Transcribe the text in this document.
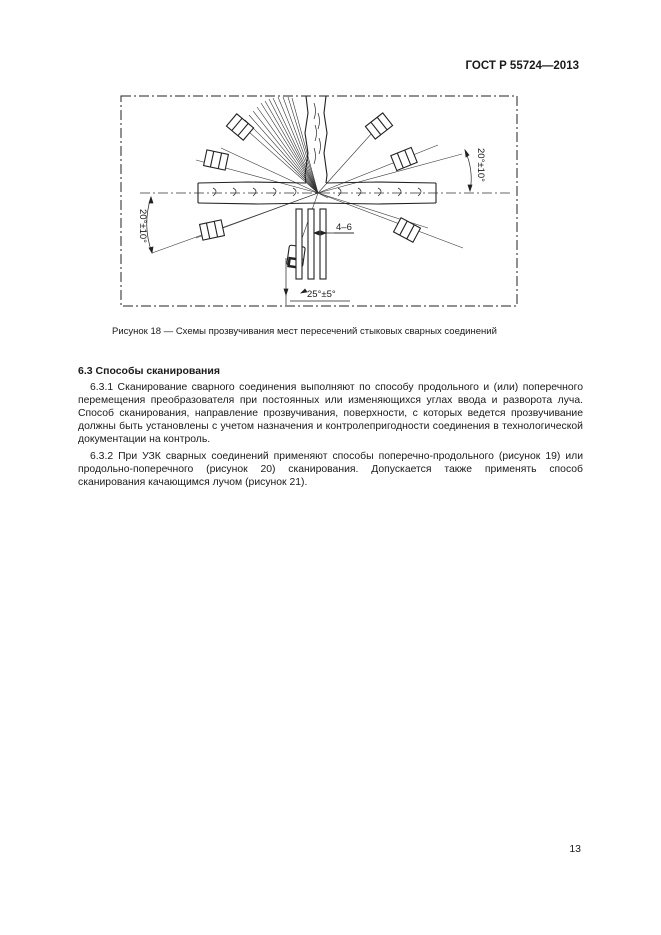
ГОСТ Р 55724—2013
20°±10°
20°±10°	4–6
25°±5°
Рисунок 18 — Схемы прозвучивания мест пересечений стыковых сварных соединений
6.3 Способы сканирования

6.3.1 Сканирование сварного соединения выполняют по способу продольного и (или) поперечного перемещения преобразователя при постоянных или изменяющихся углах ввода и разворота луча. Способ сканирования, направление прозвучивания, поверхности, с которых ведется прозвучивание должны быть установлены с учетом назначения и контролепригодности соединения в технологической документации на контроль.

6.3.2 При УЗК сварных соединений применяют способы поперечно-продольного (рисунок 19) или продольно-поперечного (рисунок 20) сканирования. Допускается также применять способ сканирования качающимся лучом (рисунок 21).

13
